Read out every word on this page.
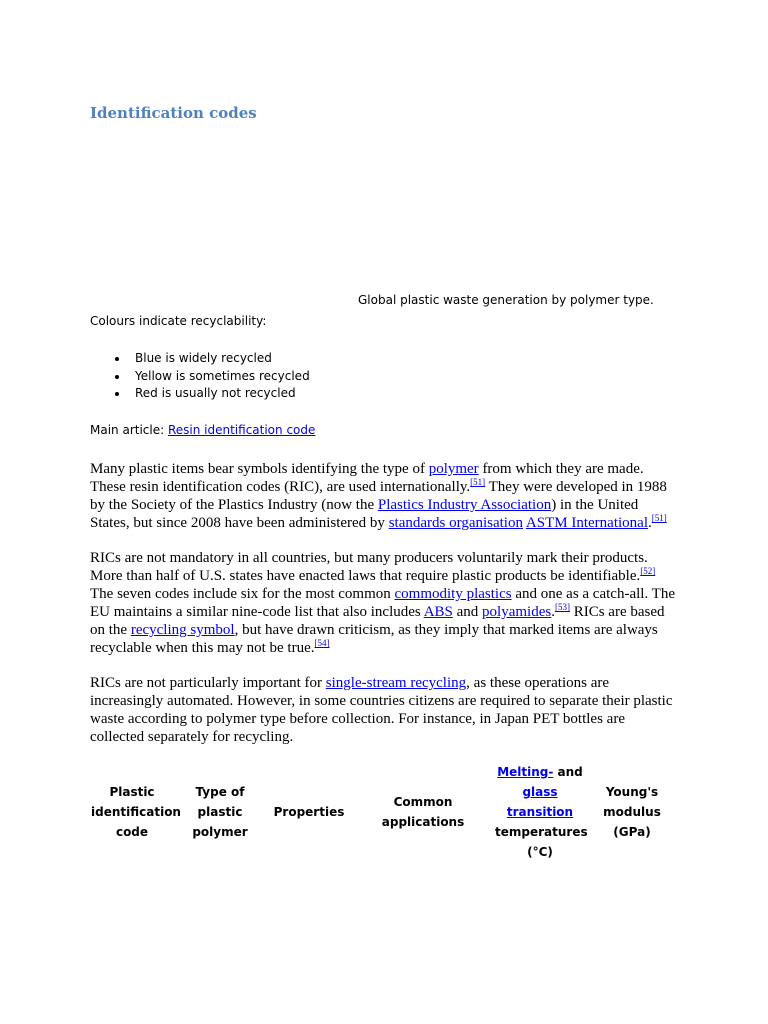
Identification codes
Global plastic waste generation by polymer type. Colours indicate recyclability:
Blue is widely recycled
Yellow is sometimes recycled
Red is usually not recycled
Main article: Resin identification code

Many plastic items bear symbols identifying the type of polymer from which they are made. These resin identification codes (RIC), are used internationally.[51] They were developed in 1988 by the Society of the Plastics Industry (now the Plastics Industry Association) in the United States, but since 2008 have been administered by standards organisation ASTM International.[51]

RICs are not mandatory in all countries, but many producers voluntarily mark their products. More than half of U.S. states have enacted laws that require plastic products be identifiable.[52] The seven codes include six for the most common commodity plastics and one as a catch-all. The EU maintains a similar nine-code list that also includes ABS and polyamides.[53] RICs are based on the recycling symbol, but have drawn criticism, as they imply that marked items are always recyclable when this may not be true.[54]

RICs are not particularly important for single-stream recycling, as these operations are increasingly automated. However, in some countries citizens are required to separate their plastic waste according to polymer type before collection. For instance, in Japan PET bottles are collected separately for recycling.

Plastic identification code	Type of plastic polymer	Properties	Common applications	Melting- and glass transition temperatures (°C)	Young's modulus (GPa)
